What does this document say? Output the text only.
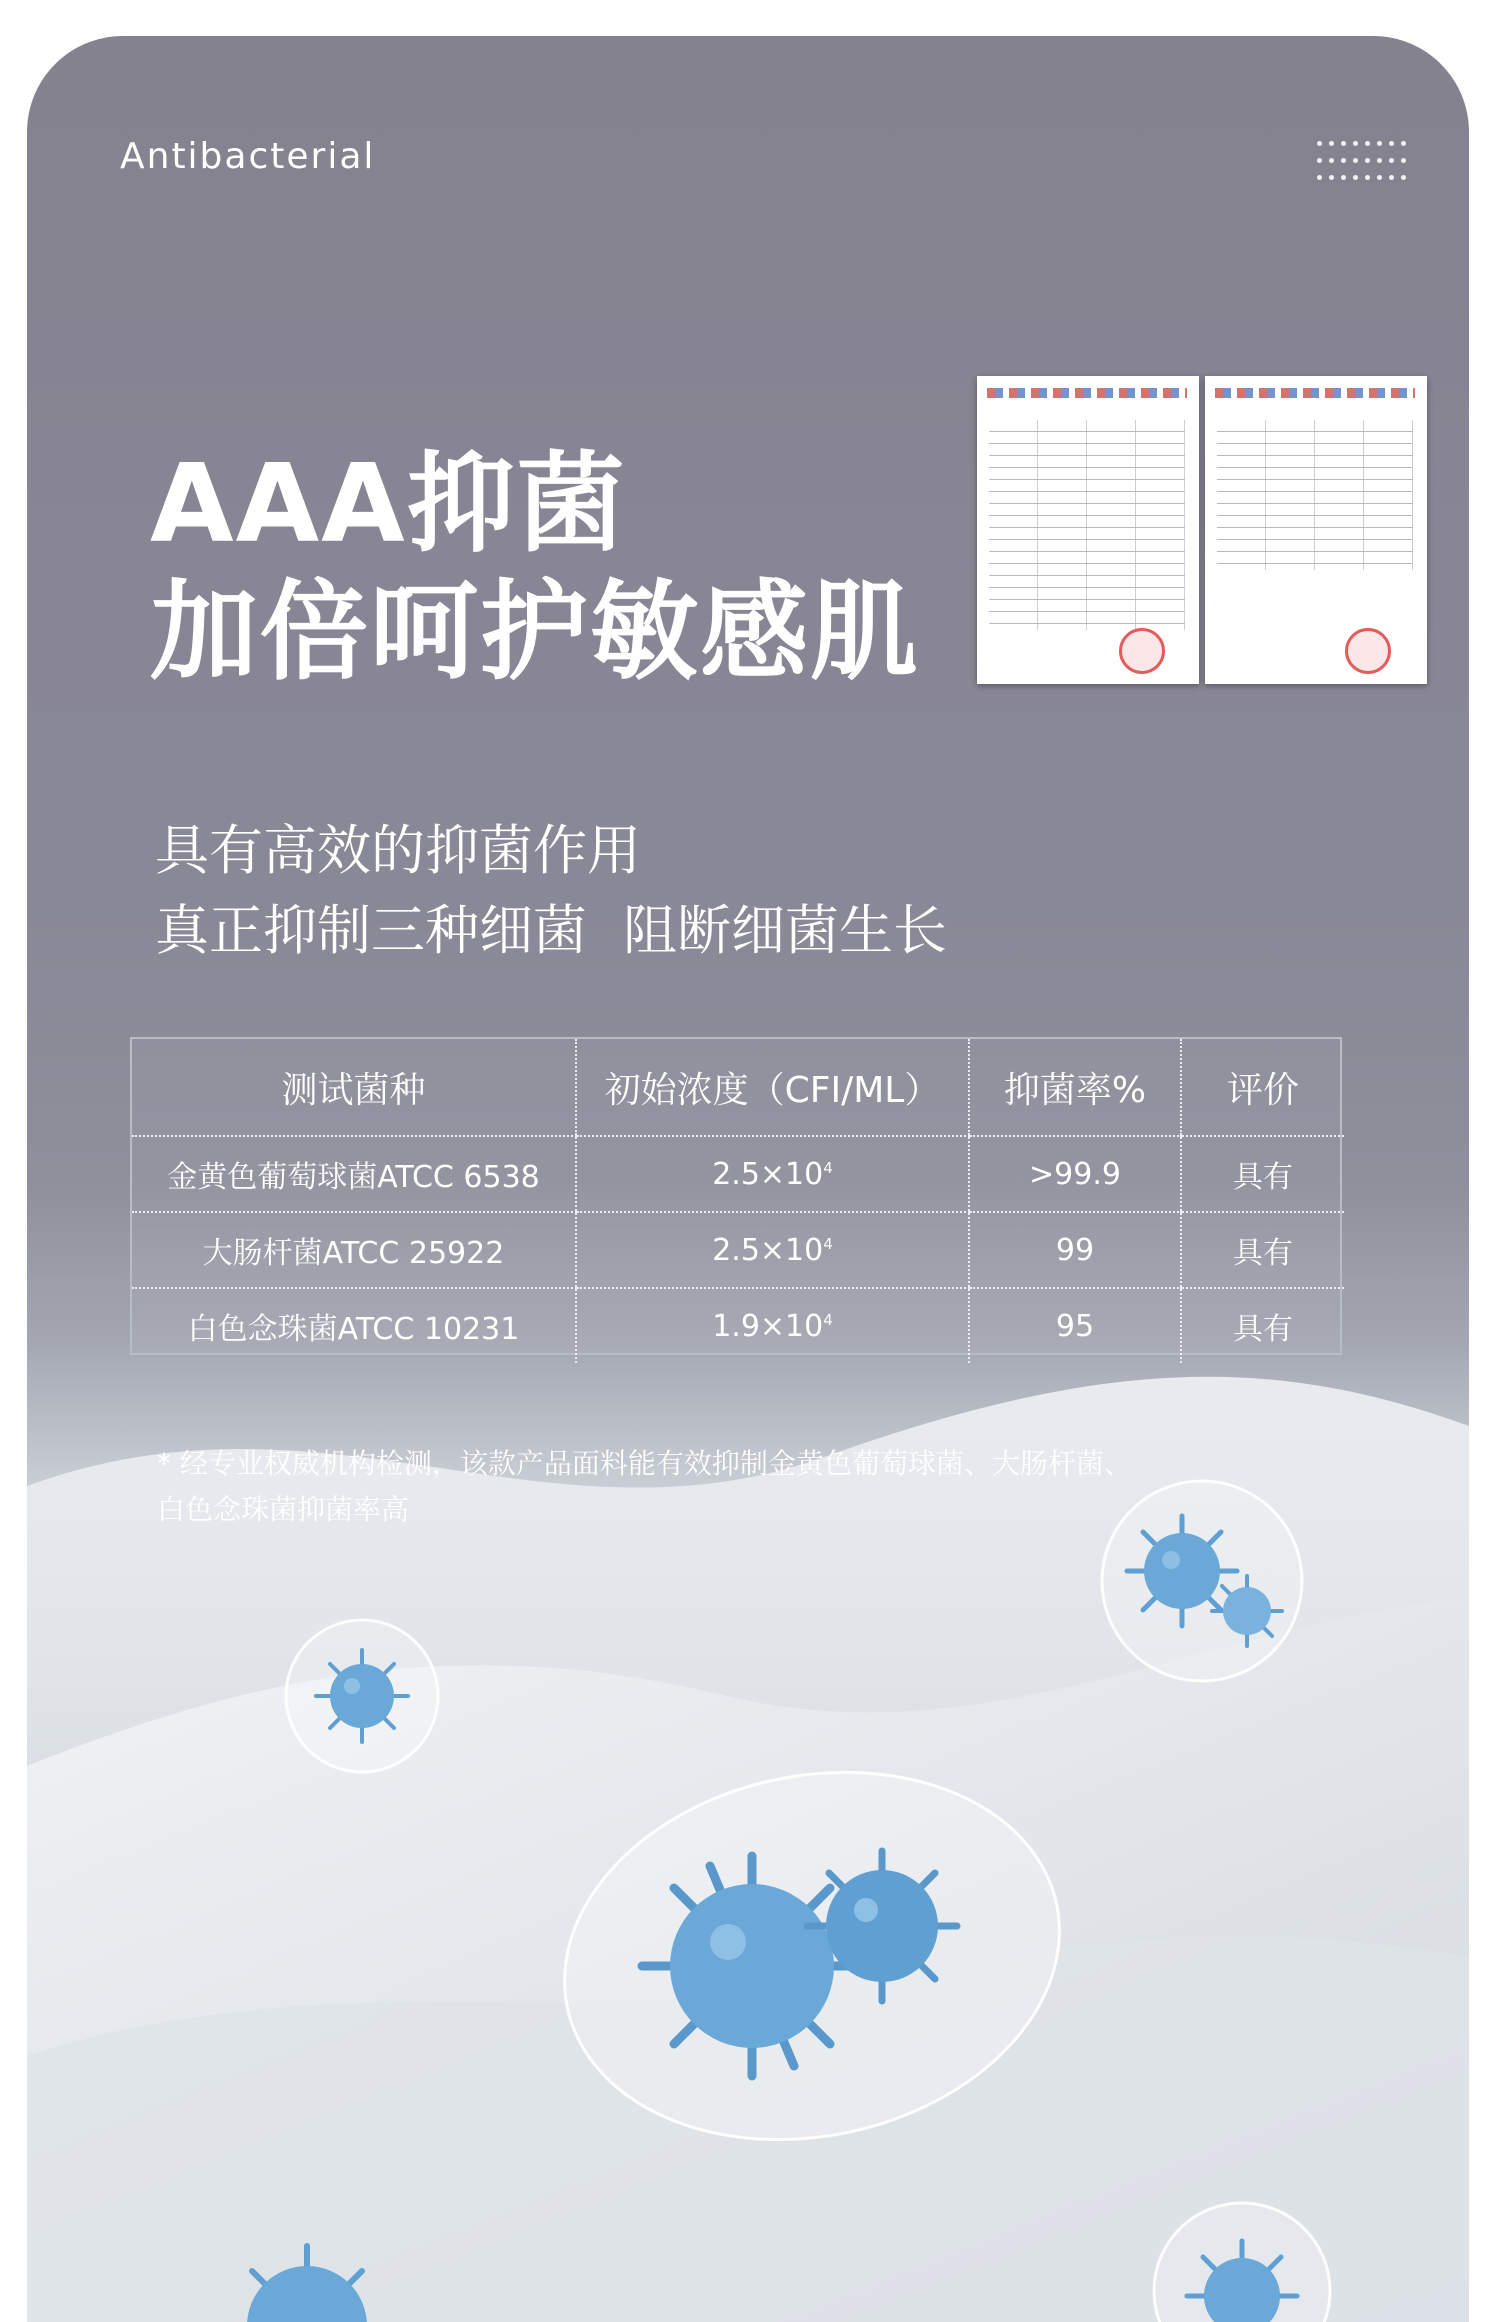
Antibacterial
AAA抑菌
加倍呵护敏感肌
具有高效的抑菌作用
真正抑制三种细菌 阻断细菌生长
测试菌种	初始浓度（CFI/ML）	抑菌率%	评价
金黄色葡萄球菌ATCC 6538	$2.5\times 10^4$	>99.9	具有
大肠杆菌ATCC 25922	$2.5\times 10^4$	99	具有
白色念珠菌ATCC 10231	$1.9\times 10^4$	95	具有
* 经专业权威机构检测，该款产品面料能有效抑制金黄色葡萄球菌、大肠杆菌、
白色念珠菌抑菌率高
